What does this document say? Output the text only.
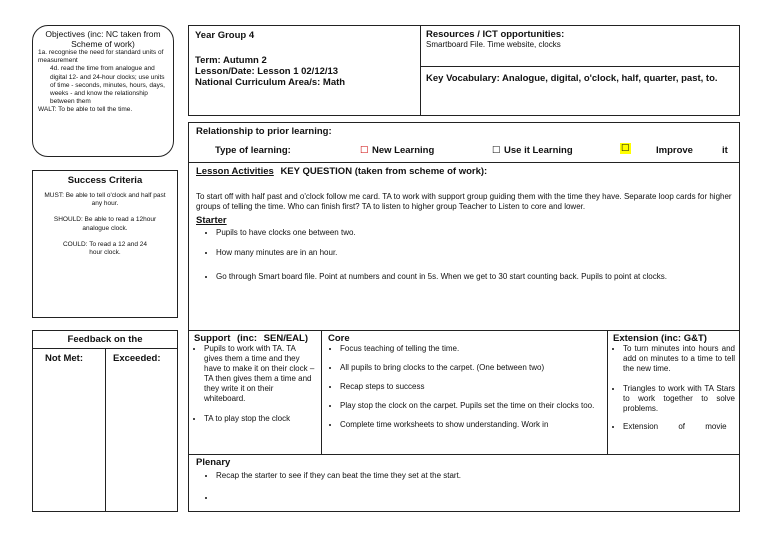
Objectives (inc: NC taken from Scheme of work)
1a. recognise the need for standard units of measurement
4d. read the time from analogue and digital 12- and 24-hour clocks; use units of time - seconds, minutes, hours, days, weeks - and know the relationship between them
WALT: To be able to tell the time.
Success Criteria
MUST: Be able to tell o'clock and half past any hour.
SHOULD: Be able to read a 12hour analogue clock.
COULD: To read a 12 and 24 hour clock.
Feedback on the
Not Met:	Exceeded:
Year Group 4
Term: Autumn 2
Lesson/Date: Lesson 1 02/12/13
National Curriculum Area/s: Math
Resources / ICT opportunities:
Smartboard File. Time website, clocks
Key Vocabulary: Analogue, digital, o'clock, half, quarter, past, to.
Relationship to prior learning:
Type of learning:	☐ New Learning	☐ Use it Learning	☐	Improve	it
Lesson Activities KEY QUESTION (taken from scheme of work):
To start off with half past and o'clock follow me card. TA to work with support group guiding them with the time they have. Separate loop cards for higher groups of telling the time. Who can finish first? TA to listen to higher group Teacher to Listen to core and lower.
Starter
• Pupils to have clocks one between two.
• How many minutes are in an hour.
• Go through Smart board file. Point at numbers and count in 5s. When we get to 30 start counting back. Pupils to point at clocks.
Support (inc: SEN/EAL)
• Pupils to work with TA. TA gives them a time and they have to make it on their clock – TA then gives them a time and they write it on their whiteboard.
• TA to play stop the clock
Core
• Focus teaching of telling the time.
• All pupils to bring clocks to the carpet. (One between two)
• Recap steps to success
• Play stop the clock on the carpet. Pupils set the time on their clocks too.
• Complete time worksheets to show understanding. Work in
Extension (inc: G&T)
• To turn minutes into hours and add on minutes to a time to tell the new time.
• Triangles to work with TA Stars to work together to solve problems.
• Extension of movie
Plenary
• Recap the starter to see if they can beat the time they set at the start.
•
